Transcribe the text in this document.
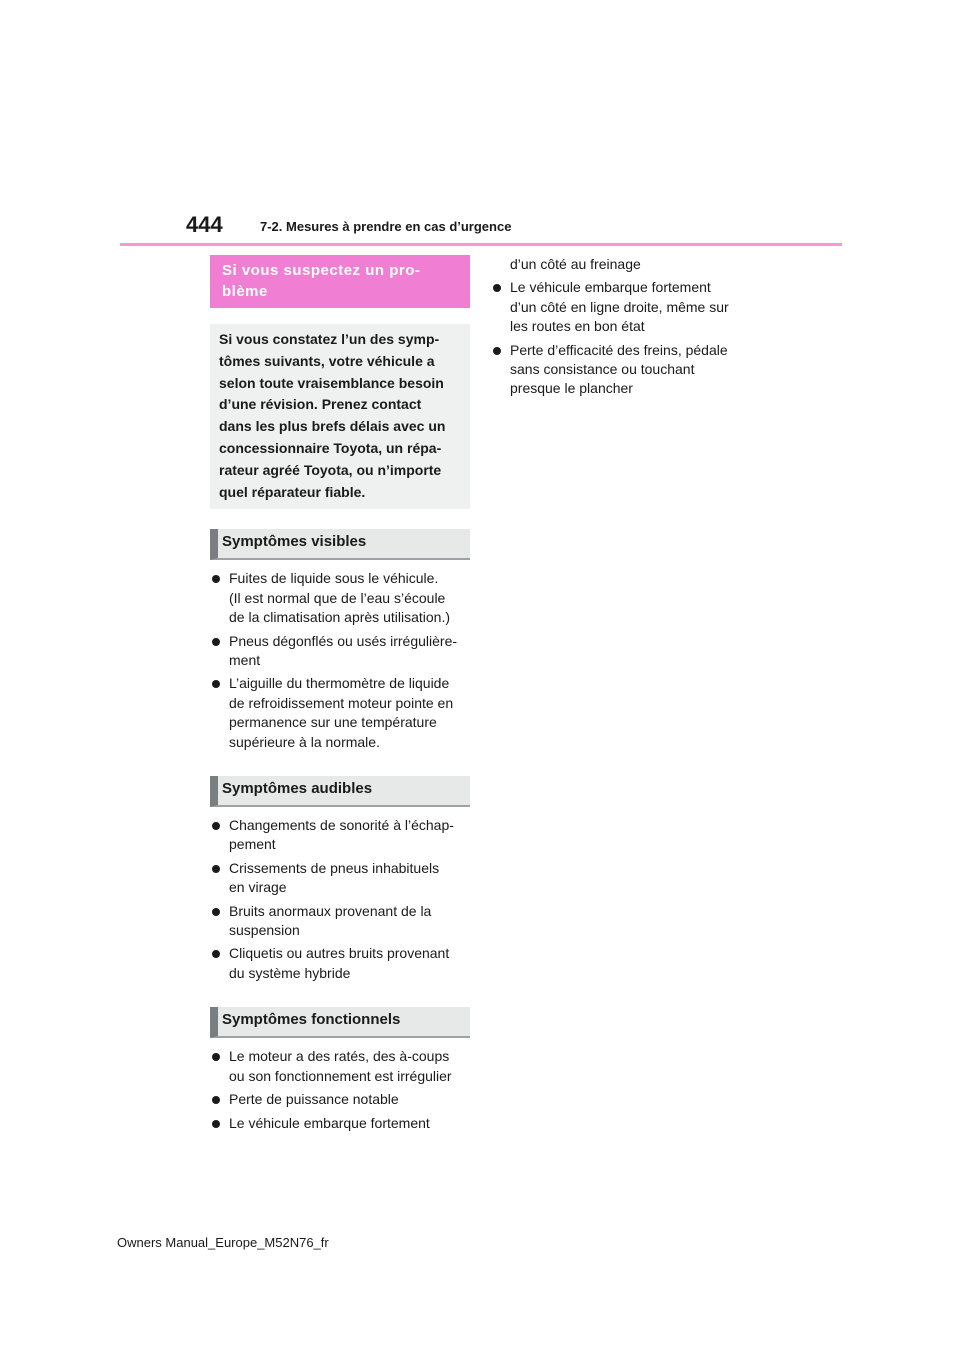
444	7-2. Mesures à prendre en cas d’urgence
Si vous suspectez un pro-
blème
Si vous constatez l’un des symp-
tômes suivants, votre véhicule a
selon toute vraisemblance besoin
d’une révision. Prenez contact
dans les plus brefs délais avec un
concessionnaire Toyota, un répa-
rateur agréé Toyota, ou n’importe
quel réparateur fiable.
Symptômes visibles
Fuites de liquide sous le véhicule.
(Il est normal que de l’eau s’écoule
de la climatisation après utilisation.)
Pneus dégonflés ou usés irrégulière-
ment
L’aiguille du thermomètre de liquide
de refroidissement moteur pointe en
permanence sur une température
supérieure à la normale.
Symptômes audibles
Changements de sonorité à l’échap-
pement
Crissements de pneus inhabituels
en virage
Bruits anormaux provenant de la
suspension
Cliquetis ou autres bruits provenant
du système hybride
Symptômes fonctionnels
Le moteur a des ratés, des à-coups
ou son fonctionnement est irrégulier
Perte de puissance notable
Le véhicule embarque fortement
d’un côté au freinage
Le véhicule embarque fortement
d’un côté en ligne droite, même sur
les routes en bon état
Perte d’efficacité des freins, pédale
sans consistance ou touchant
presque le plancher
Owners Manual_Europe_M52N76_fr
